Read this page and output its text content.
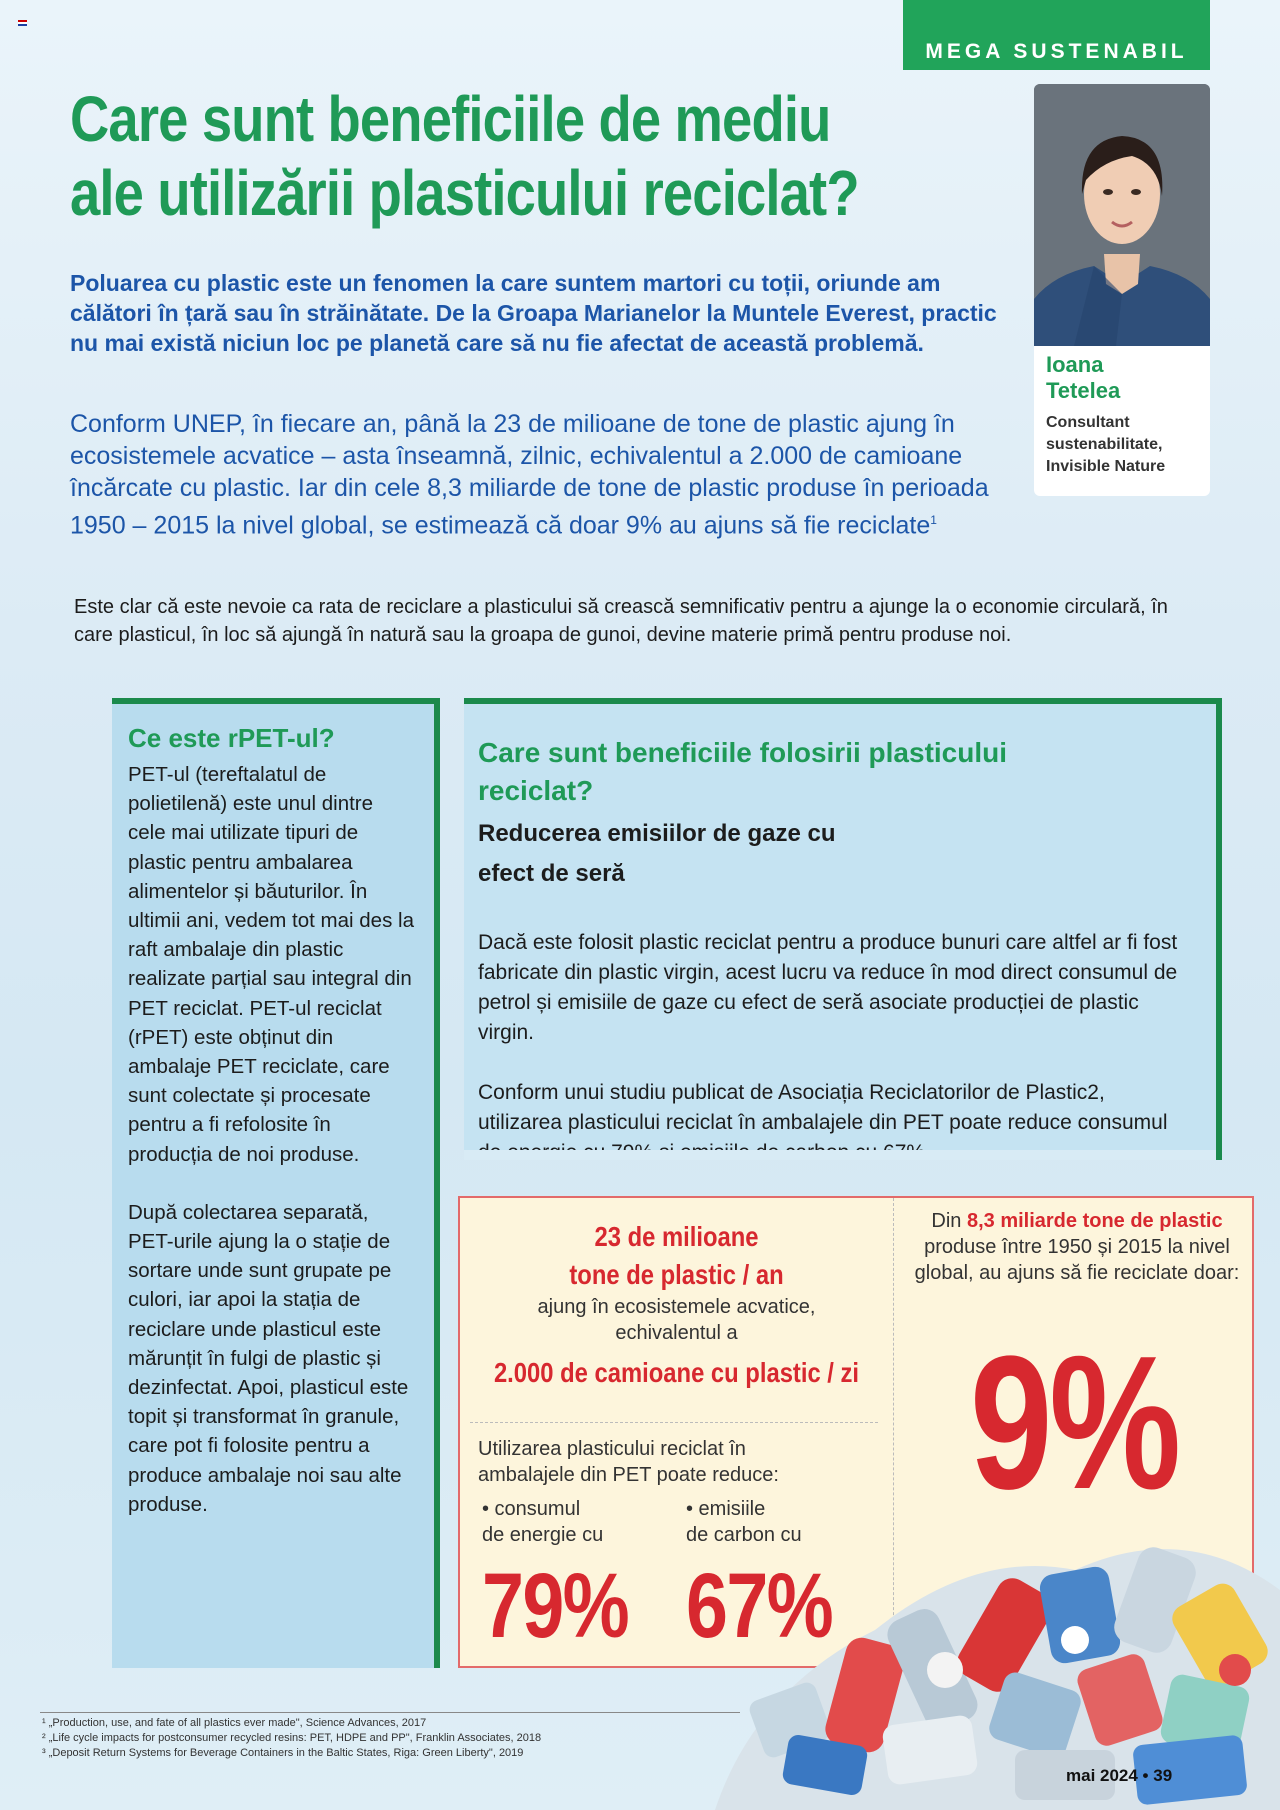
MEGA SUSTENABIL
Care sunt beneficiile de mediu
ale utilizării plasticului reciclat?
Ioana
Tetelea
Consultant
sustenabilitate,
Invisible Nature

Poluarea cu plastic este un fenomen la care suntem martori cu toții, oriunde am călători în țară sau în străinătate. De la Groapa Marianelor la Muntele Everest, practic nu mai există niciun loc pe planetă care să nu fie afectat de această problemă.

Conform UNEP, în fiecare an, până la 23 de milioane de tone de plastic ajung în ecosistemele acvatice – asta înseamnă, zilnic, echivalentul a 2.000 de camioane încărcate cu plastic. Iar din cele 8,3 miliarde de tone de plastic produse în perioada 1950 – 2015 la nivel global, se estimează că doar 9% au ajuns să fie reciclate$^1$

Este clar că este nevoie ca rata de reciclare a plasticului să crească semnificativ pentru a ajunge la o economie circulară, în care plasticul, în loc să ajungă în natură sau la groapa de gunoi, devine materie primă pentru produse noi.

Ce este rPET-ul?

PET-ul (tereftalatul de polietilenă) este unul dintre cele mai utilizate tipuri de plastic pentru ambalarea alimentelor și băuturilor. În ultimii ani, vedem tot mai des la raft ambalaje din plastic realizate parțial sau integral din PET reciclat. PET-ul reciclat (rPET) este obținut din ambalaje PET reciclate, care sunt colectate și procesate pentru a fi refolosite în producția de noi produse.

După colectarea separată, PET-urile ajung la o stație de sortare unde sunt grupate pe culori, iar apoi la stația de reciclare unde plasticul este mărunțit în fulgi de plastic și dezinfectat. Apoi, plasticul este topit și transformat în granule, care pot fi folosite pentru a produce ambalaje noi sau alte produse.

Care sunt beneficiile folosirii plasticului reciclat?
Reducerea emisiilor de gaze cu efect de seră

Dacă este folosit plastic reciclat pentru a produce bunuri care altfel ar fi fost fabricate din plastic virgin, acest lucru va reduce în mod direct consumul de petrol și emisiile de gaze cu efect de seră asociate producției de plastic virgin.

Conform unui studiu publicat de Asociația Reciclatorilor de Plastic2, utilizarea plasticului reciclat în ambalajele din PET poate reduce consumul

23 de milioane
tone de plastic / an
ajung în ecosistemele acvatice,
echivalentul a
2.000 de camioane cu plastic / zi
Utilizarea plasticului reciclat în
ambalajele din PET poate reduce:
• consumul
de energie cu
79%
• emisiile
de carbon cu
67%
Din 8,3 miliarde tone de plastic produse între 1950 și 2015 la nivel global, au ajuns să fie reciclate doar:
9%
¹ „Production, use, and fate of all plastics ever made", Science Advances, 2017
² „Life cycle impacts for postconsumer recycled resins: PET, HDPE and PP", Franklin Associates, 2018
³ „Deposit Return Systems for Beverage Containers in the Baltic States, Riga: Green Liberty", 2019
mai 2024 • 39
